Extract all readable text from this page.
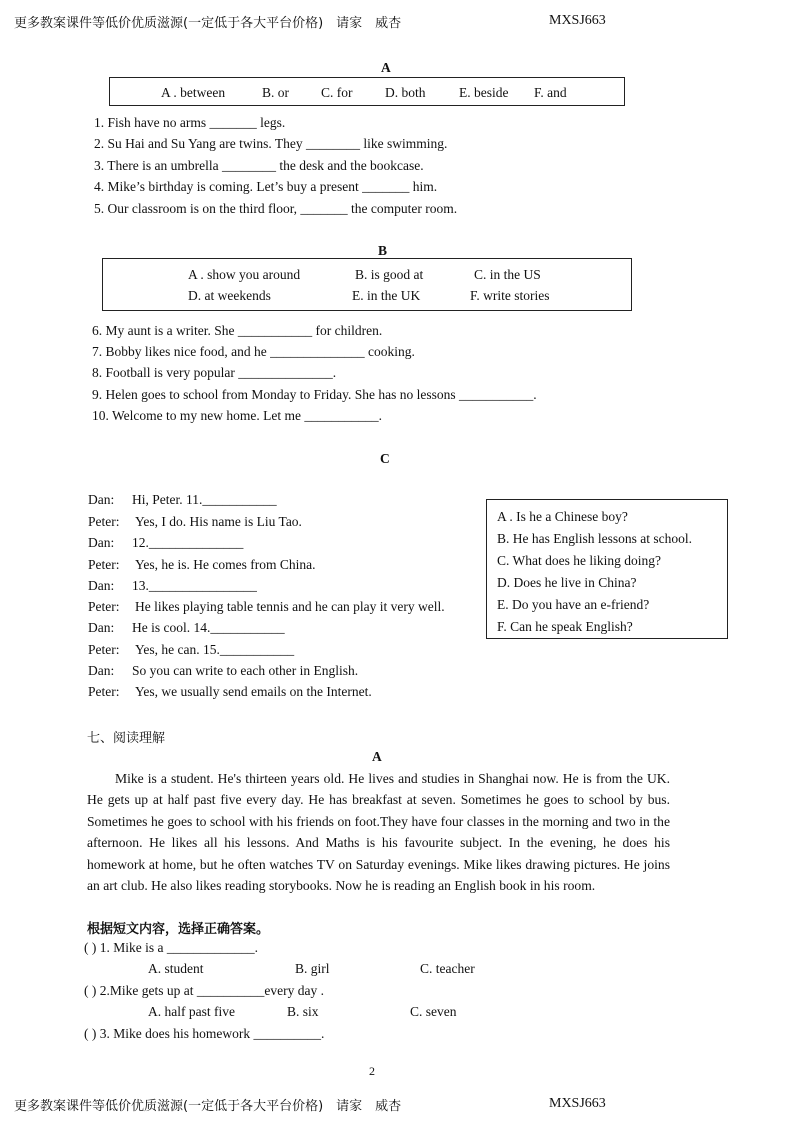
更多教案课件等低价优质滋源(一定低于各大平台价格)　请家　威杏	MXSJ663
A
A . between	B. or C. for D. both E. beside F. and
1. Fish have no arms _______ legs.
2. Su Hai and Su Yang are twins. They ________ like swimming.
3. There is an umbrella ________ the desk and the bookcase.
4. Mike’s birthday is coming. Let’s buy a present _______ him.
5. Our classroom is on the third floor, _______ the computer room.
B
A . show you around	B. is good at	C. in the US
D. at weekends	E. in the UK	F. write stories
6. My aunt is a writer. She ___________ for children.
7. Bobby likes nice food, and he ______________ cooking.
8. Football is very popular ______________.
9. Helen goes to school from Monday to Friday. She has no lessons ___________.
10. Welcome to my new home. Let me ___________.
C
Dan: Hi, Peter. 11.___________
Peter: Yes, I do. His name is Liu Tao.
Dan: 12.______________
Peter: Yes, he is. He comes from China.
Dan: 13.________________
Peter: He likes playing table tennis and he can play it very well.
Dan: He is cool. 14.___________
Peter: Yes, he can. 15.___________
Dan: So you can write to each other in English.
Peter: Yes, we usually send emails on the Internet.
A . Is he a Chinese boy?
B. He has English lessons at school.
C. What does he liking doing?
D. Does he live in China?
E. Do you have an e-friend?
F. Can he speak English?
七、阅读理解
A
Mike is a student. He's thirteen years old. He lives and studies in Shanghai now. He is from the UK. He gets up at half past five every day. He has breakfast at seven. Sometimes he goes to school by bus. Sometimes he goes to school with his friends on foot.They have four classes in the morning and two in the afternoon. He likes all his lessons. And Maths is his favourite subject. In the evening, he does his homework at home, but he often watches TV on Saturday evenings. Mike likes drawing pictures. He joins an art club. He also likes reading storybooks. Now he is reading an English book in his room.
根据短文内容，选择正确答案。
( ) 1. Mike is a _____________.
A. student	B. girl	C. teacher
( ) 2.Mike gets up at __________every day .
A. half past five	B. six	C. seven
( ) 3. Mike does his homework __________.
2
更多教案课件等低价优质滋源(一定低于各大平台价格)　请家　威杏	MXSJ663
